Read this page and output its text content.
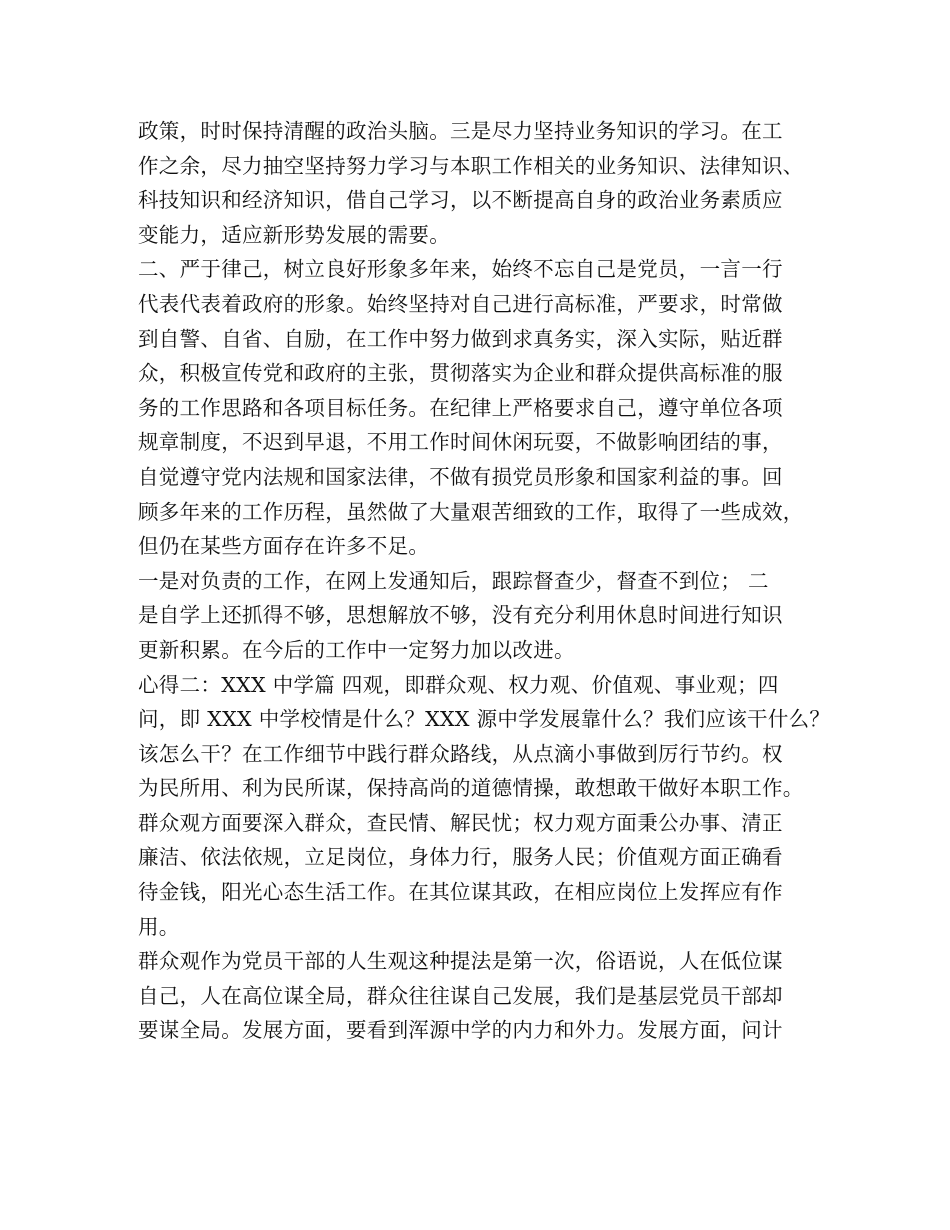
政策，时时保持清醒的政治头脑。三是尽力坚持业务知识的学习。在工
作之余，尽力抽空坚持努力学习与本职工作相关的业务知识、法律知识、
科技知识和经济知识，借自己学习，以不断提高自身的政治业务素质应
变能力，适应新形势发展的需要。
二、严于律己，树立良好形象多年来，始终不忘自己是党员，一言一行
代表代表着政府的形象。始终坚持对自己进行高标准，严要求，时常做
到自警、自省、自励，在工作中努力做到求真务实，深入实际，贴近群
众，积极宣传党和政府的主张，贯彻落实为企业和群众提供高标准的服
务的工作思路和各项目标任务。在纪律上严格要求自己，遵守单位各项
规章制度，不迟到早退，不用工作时间休闲玩耍，不做影响团结的事，
自觉遵守党内法规和国家法律，不做有损党员形象和国家利益的事。回
顾多年来的工作历程，虽然做了大量艰苦细致的工作，取得了一些成效，
但仍在某些方面存在许多不足。
一是对负责的工作，在网上发通知后，跟踪督查少，督查不到位； 二
是自学上还抓得不够，思想解放不够，没有充分利用休息时间进行知识
更新积累。在今后的工作中一定努力加以改进。
心得二：XXX 中学篇 四观，即群众观、权力观、价值观、事业观；四
问，即 XXX 中学校情是什么？XXX 源中学发展靠什么？我们应该干什么？
该怎么干？在工作细节中践行群众路线，从点滴小事做到厉行节约。权
为民所用、利为民所谋，保持高尚的道德情操，敢想敢干做好本职工作。
群众观方面要深入群众，查民情、解民忧；权力观方面秉公办事、清正
廉洁、依法依规，立足岗位，身体力行，服务人民；价值观方面正确看
待金钱，阳光心态生活工作。在其位谋其政，在相应岗位上发挥应有作
用。
群众观作为党员干部的人生观这种提法是第一次，俗语说，人在低位谋
自己，人在高位谋全局，群众往往谋自己发展，我们是基层党员干部却
要谋全局。发展方面，要看到浑源中学的内力和外力。发展方面，问计
